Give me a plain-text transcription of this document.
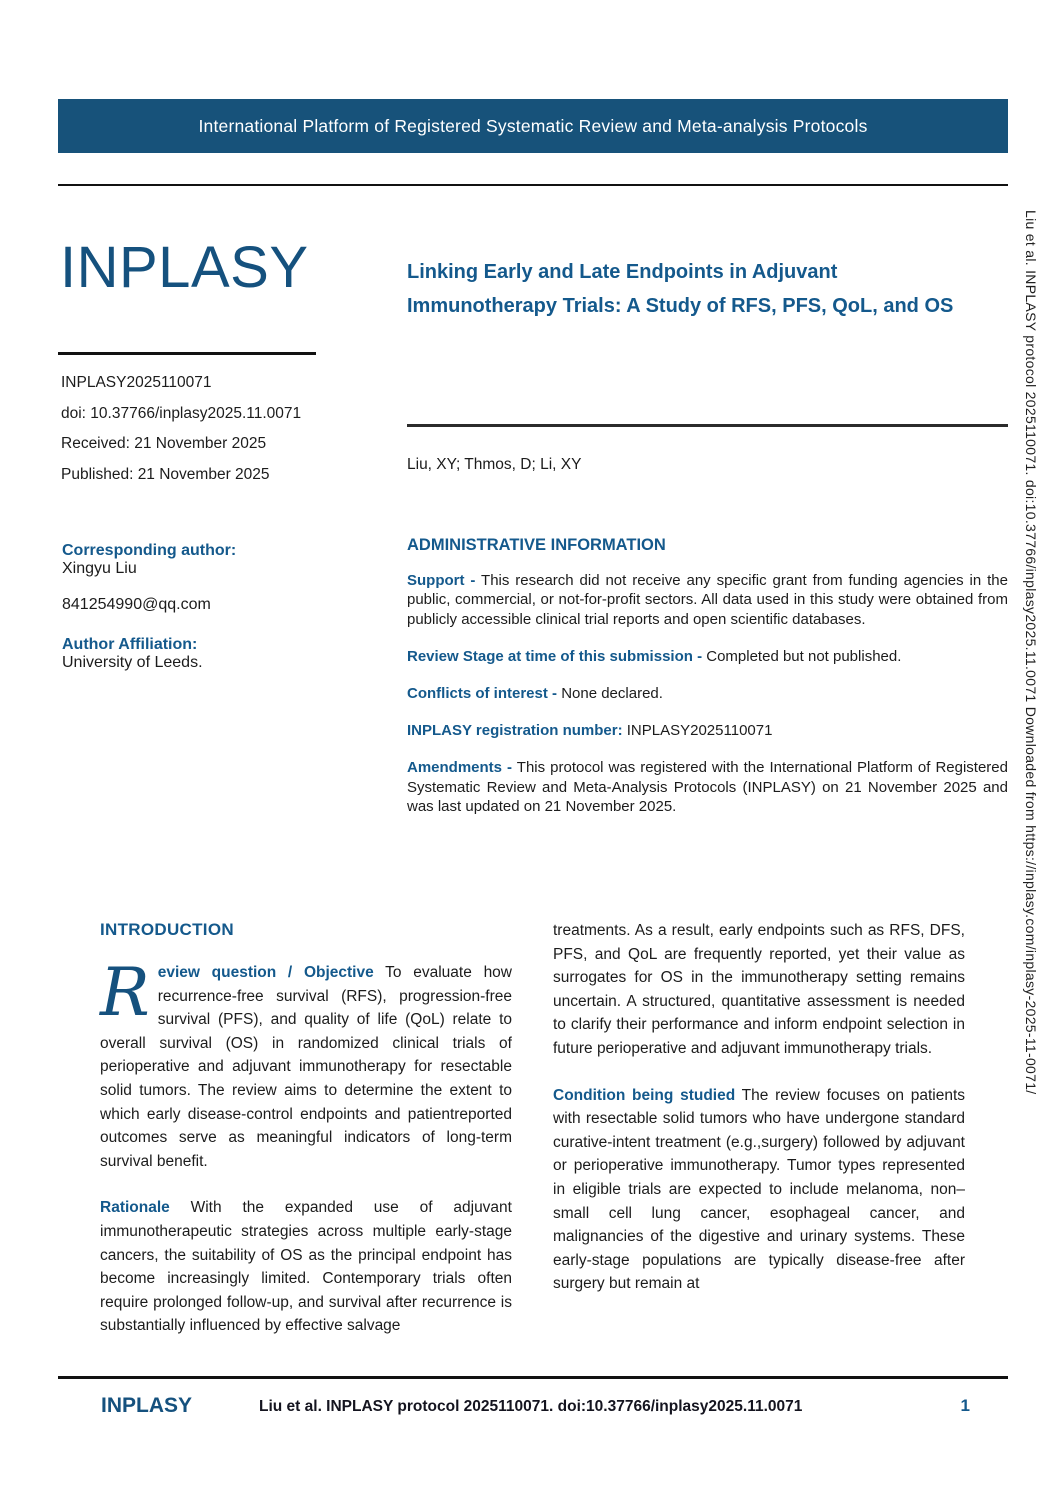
International Platform of Registered Systematic Review and Meta-analysis Protocols
INPLASY

INPLASY2025110071

doi: 10.37766/inplasy2025.11.0071

Received: 21 November 2025

Published: 21 November 2025

Linking Early and Late Endpoints in Adjuvant Immunotherapy Trials: A Study of RFS, PFS, QoL, and OS
Liu, XY; Thmos, D; Li, XY
Corresponding author:

Xingyu Liu

841254990@qq.com

Author Affiliation:

University of Leeds.

ADMINISTRATIVE INFORMATION

Support - This research did not receive any specific grant from funding agencies in the public, commercial, or not-for-profit sectors. All data used in this study were obtained from publicly accessible clinical trial reports and open scientific databases.

Review Stage at time of this submission - Completed but not published.

Conflicts of interest - None declared.

INPLASY registration number: INPLASY2025110071

Amendments - This protocol was registered with the International Platform of Registered Systematic Review and Meta-Analysis Protocols (INPLASY) on 21 November 2025 and was last updated on 21 November 2025.

INTRODUCTION

Review question / Objective To evaluate how recurrence-free survival (RFS), progression-free survival (PFS), and quality of life (QoL) relate to overall survival (OS) in randomized clinical trials of perioperative and adjuvant immunotherapy for resectable solid tumors. The review aims to determine the extent to which early disease-control endpoints and patientreported outcomes serve as meaningful indicators of long-term survival benefit.

Rationale With the expanded use of adjuvant immunotherapeutic strategies across multiple early-stage cancers, the suitability of OS as the principal endpoint has become increasingly limited. Contemporary trials often require prolonged follow-up, and survival after recurrence is substantially influenced by effective salvage

treatments. As a result, early endpoints such as RFS, DFS, PFS, and QoL are frequently reported, yet their value as surrogates for OS in the immunotherapy setting remains uncertain. A structured, quantitative assessment is needed to clarify their performance and inform endpoint selection in future perioperative and adjuvant immunotherapy trials.

Condition being studied The review focuses on patients with resectable solid tumors who have undergone standard curative-intent treatment (e.g.,surgery) followed by adjuvant or perioperative immunotherapy. Tumor types represented in eligible trials are expected to include melanoma, non–small cell lung cancer, esophageal cancer, and malignancies of the digestive and urinary systems. These early-stage populations are typically disease-free after surgery but remain at

Liu et al. INPLASY protocol 2025110071. doi:10.37766/inplasy2025.11.0071 Downloaded from https://inplasy.com/inplasy-2025-11-0071/
INPLASY	Liu et al. INPLASY protocol 2025110071. doi:10.37766/inplasy2025.11.0071	1
